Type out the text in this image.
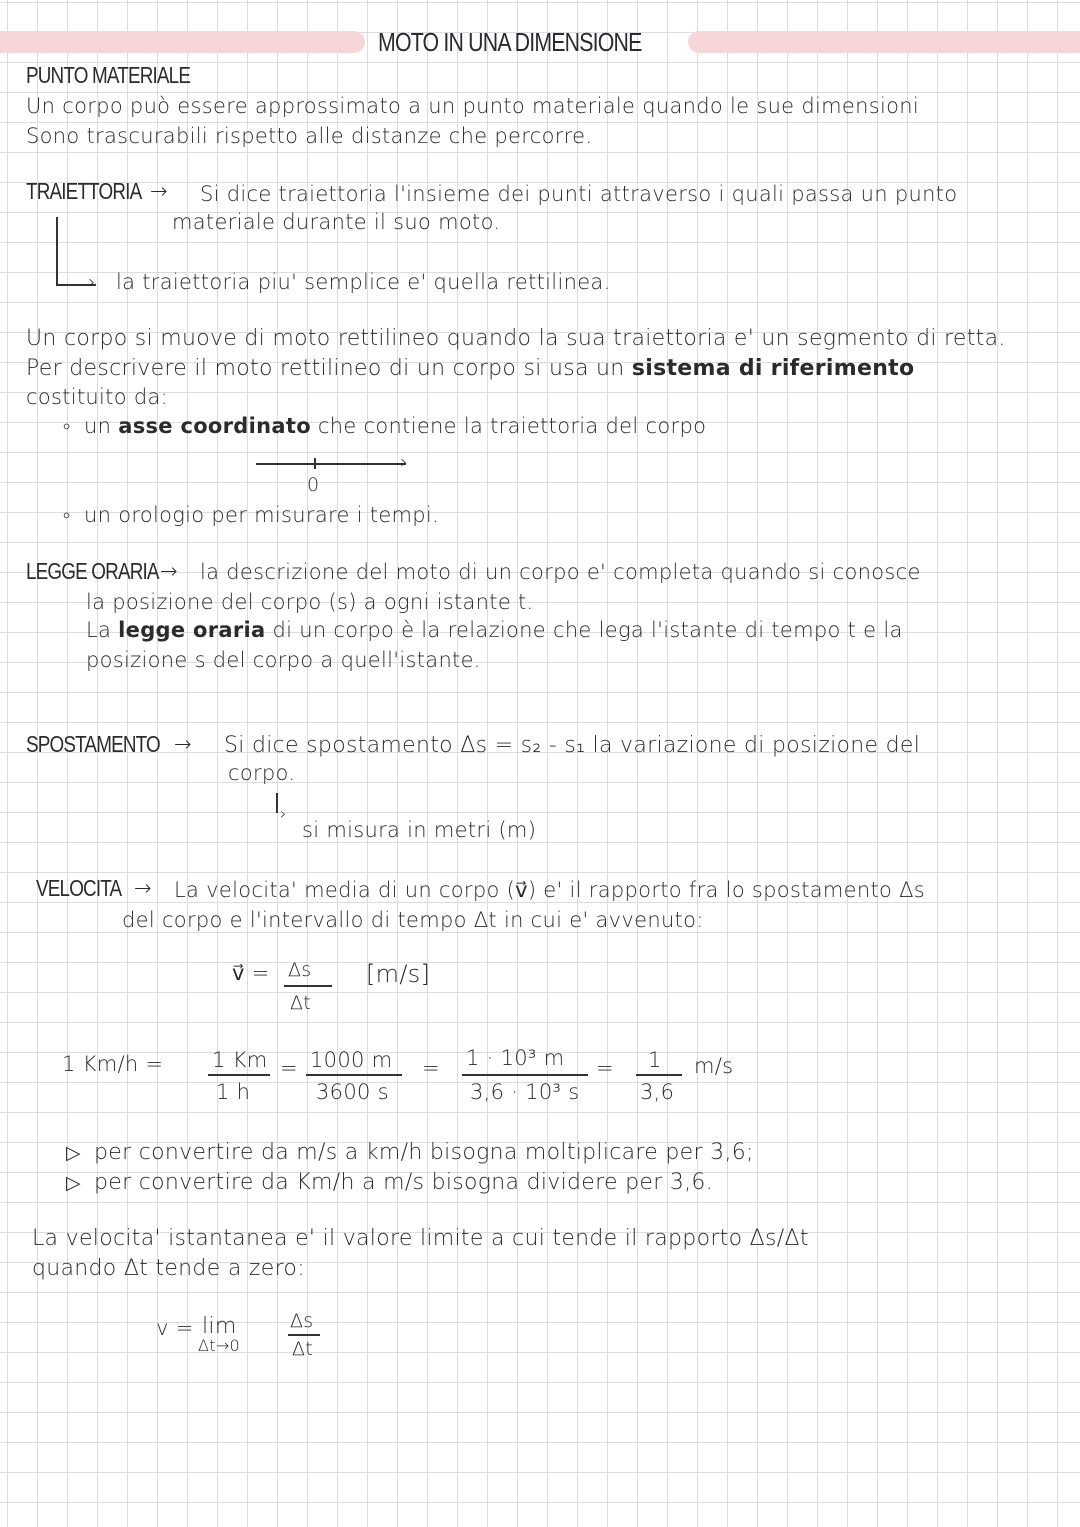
MOTO IN UNA DIMENSIONE
PUNTO MATERIALE
Un corpo può essere approssimato a un punto materiale quando le sue dimensioni
Sono trascurabili rispetto alle distanze che percorre.
TRAIETTORIA → Si dice traiettoria l'insieme dei punti attraverso i quali passa un punto
materiale durante il suo moto.
› la traiettoria piu' semplice e' quella rettilinea.
Un corpo si muove di moto rettilineo quando la sua traiettoria e' un segmento di retta.
Per descrivere il moto rettilineo di un corpo si usa un sistema di riferimento
costituito da:
∘ un asse coordinato che contiene la traiettoria del corpo
›
0
∘ un orologio per misurare i tempi.
LEGGE ORARIA → la descrizione del moto di un corpo e' completa quando si conosce
la posizione del corpo (s) a ogni istante t.
La legge oraria di un corpo è la relazione che lega l'istante di tempo t e la
posizione s del corpo a quell'istante.
SPOSTAMENTO → Si dice spostamento Δs = s₂ - s₁ la variazione di posizione del
corpo.
›
si misura in metri (m)
VELOCITA → La velocita' media di un corpo (v⃗) e' il rapporto fra lo spostamento Δs
del corpo e l'intervallo di tempo Δt in cui e' avvenuto:
v⃗ = Δs
Δt
[m/s]
1 Km/h = 1 Km
1 h
= 1000 m
3600 s
= 1 · 10³ m
3,6 · 10³ s
= 1
3,6
m/s
▷ per convertire da m/s a km/h bisogna moltiplicare per 3,6;
▷ per convertire da Km/h a m/s bisogna dividere per 3,6.
La velocita' istantanea e' il valore limite a cui tende il rapporto Δs/Δt
quando Δt tende a zero:
v = lim
Δt→0
Δs
Δt
